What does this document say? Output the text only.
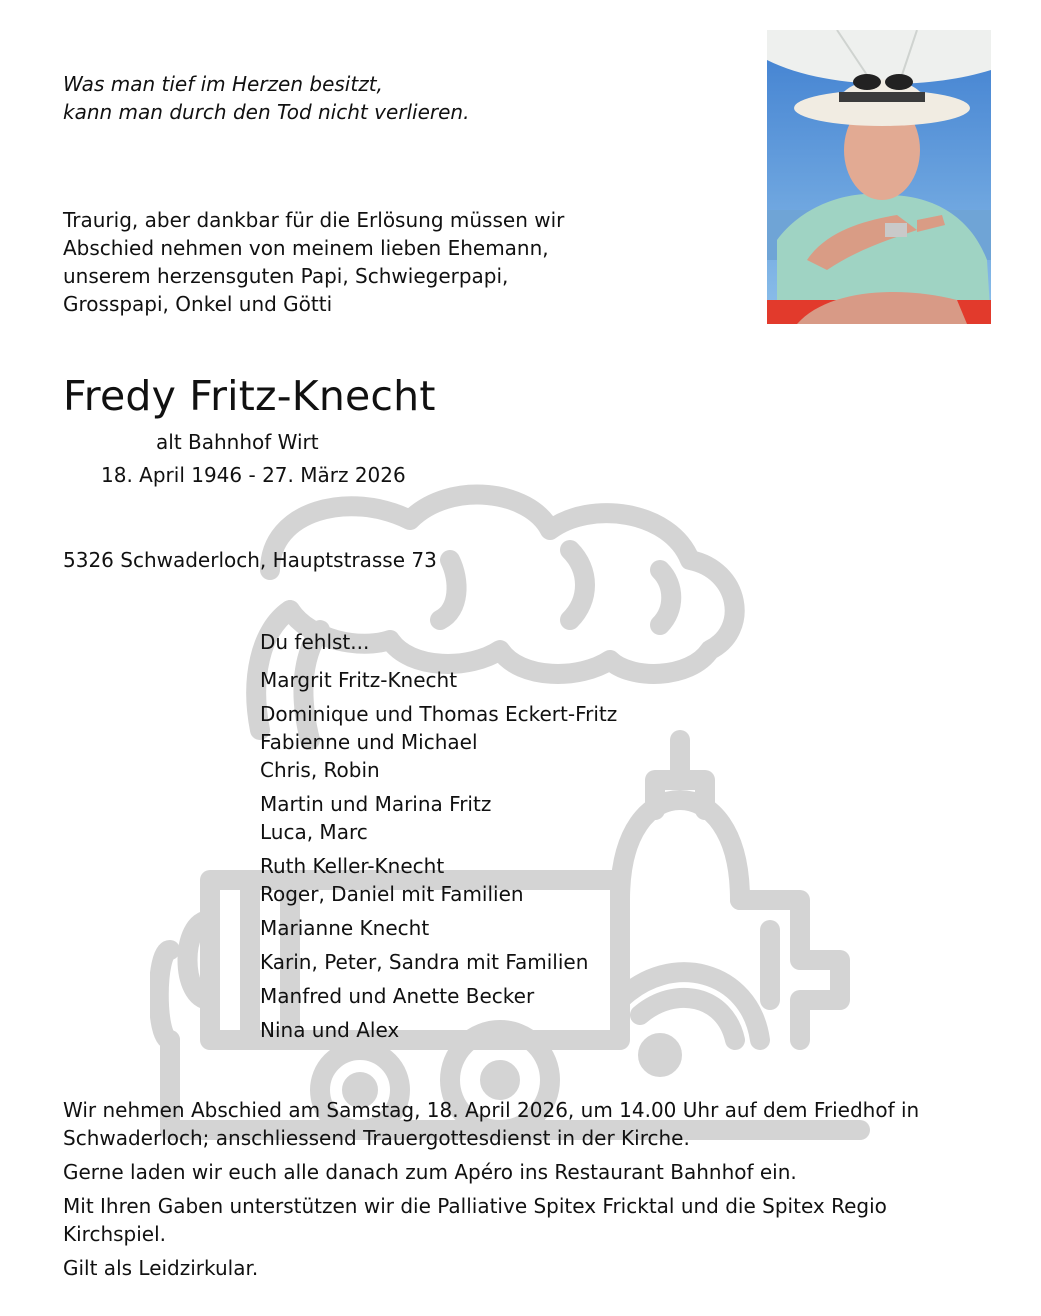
Was man tief im Herzen besitzt,
kann man durch den Tod nicht verlieren.
Traurig, aber dankbar für die Erlösung müssen wir
Abschied nehmen von meinem lieben Ehemann,
unserem herzensguten Papi, Schwiegerpapi,
Grosspapi, Onkel und Götti
Fredy Fritz-Knecht
alt Bahnhof Wirt
18. April 1946 - 27. März 2026
5326 Schwaderloch, Hauptstrasse 73
Du fehlst...
Margrit Fritz-Knecht
Dominique und Thomas Eckert-Fritz
Fabienne und Michael
Chris, Robin
Martin und Marina Fritz
Luca, Marc
Ruth Keller-Knecht
Roger, Daniel mit Familien
Marianne Knecht
Karin, Peter, Sandra mit Familien
Manfred und Anette Becker
Nina und Alex

Wir nehmen Abschied am Samstag, 18. April 2026, um 14.00 Uhr auf dem Friedhof in Schwaderloch; anschliessend Trauergottesdienst in der Kirche.

Gerne laden wir euch alle danach zum Apéro ins Restaurant Bahnhof ein.

Mit Ihren Gaben unterstützen wir die Palliative Spitex Fricktal und die Spitex Regio Kirchspiel.

Gilt als Leidzirkular.
